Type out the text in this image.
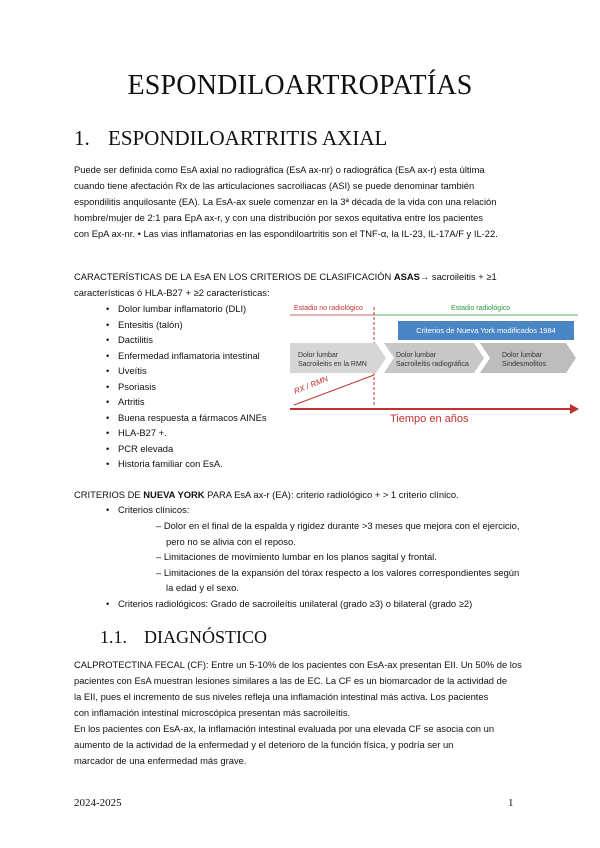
ESPONDILOARTROPATÍAS
1. ESPONDILOARTRITIS AXIAL

Puede ser definida como EsA axial no radiográfica (EsA ax-nr) o radiográfica (EsA ax-r) esta última

cuando tiene afectación Rx de las articulaciones sacroiliacas (ASI) se puede denominar también

espondilitis anquilosante (EA). La EsA-ax suele comenzar en la 3ª década de la vida con una relación

hombre/mujer de 2:1 para EpA ax-r, y con una distribución por sexos equitativa entre los pacientes

con EpA ax-nr. • Las vias inflamatorias en las espondiloartritis son el TNF-α, la IL-23, IL-17A/F y IL-22.

CARACTERÍSTICAS DE LA EsA EN LOS CRITERIOS DE CLASIFICACIÓN ASAS→ sacroileitis + ≥1
características ó HLA-B27 + ≥2 características:
• Dolor lumbar inflamatorio (DLI)
• Entesitis (talón)
• Dactilitis
• Enfermedad inflamatoria intestinal
• Uveítis
• Psoriasis
• Artritis
• Buena respuesta a fármacos AINEs
• HLA-B27 +.
• PCR elevada
• Historia familiar con EsA.
Estadio no radiológico	Estadio radiológico
Criterios de Nueva York modificados 1984
Dolor lumbar
Sacroileitis en la RMN
Dolor lumbar
Sacroileítis radiográfica
Dolor lumbar
Sindesmofitos
RX / RMN
Tiempo en años
CRITERIOS DE NUEVA YORK PARA EsA ax-r (EA): criterio radiológico + > 1 criterio clínico.
• Criterios clínicos:
– Dolor en el final de la espalda y rigidez durante >3 meses que mejora con el ejercicio, pero no se alivia con el reposo.
– Limitaciones de movimiento lumbar en los planos sagital y frontal.
– Limitaciones de la expansión del tórax respecto a los valores correspondientes según la edad y el sexo.
• Criterios radiológicos: Grado de sacroileítis unilateral (grado ≥3) o bilateral (grado ≥2)
1.1. DIAGNÓSTICO

CALPROTECTINA FECAL (CF): Entre un 5-10% de los pacientes con EsA-ax presentan EII. Un 50% de los

pacientes con EsA muestran lesiones similares a las de EC. La CF es un biomarcador de la actividad de

la EII, pues el incremento de sus niveles refleja una inflamación intestinal más activa. Los pacientes

con inflamación intestinal microscópica presentan más sacroileítis.

En los pacientes con EsA-ax, la inflamación intestinal evaluada por una elevada CF se asocia con un

aumento de la actividad de la enfermedad y el deterioro de la función física, y podría ser un

marcador de una enfermedad más grave.

2024-2025	1
